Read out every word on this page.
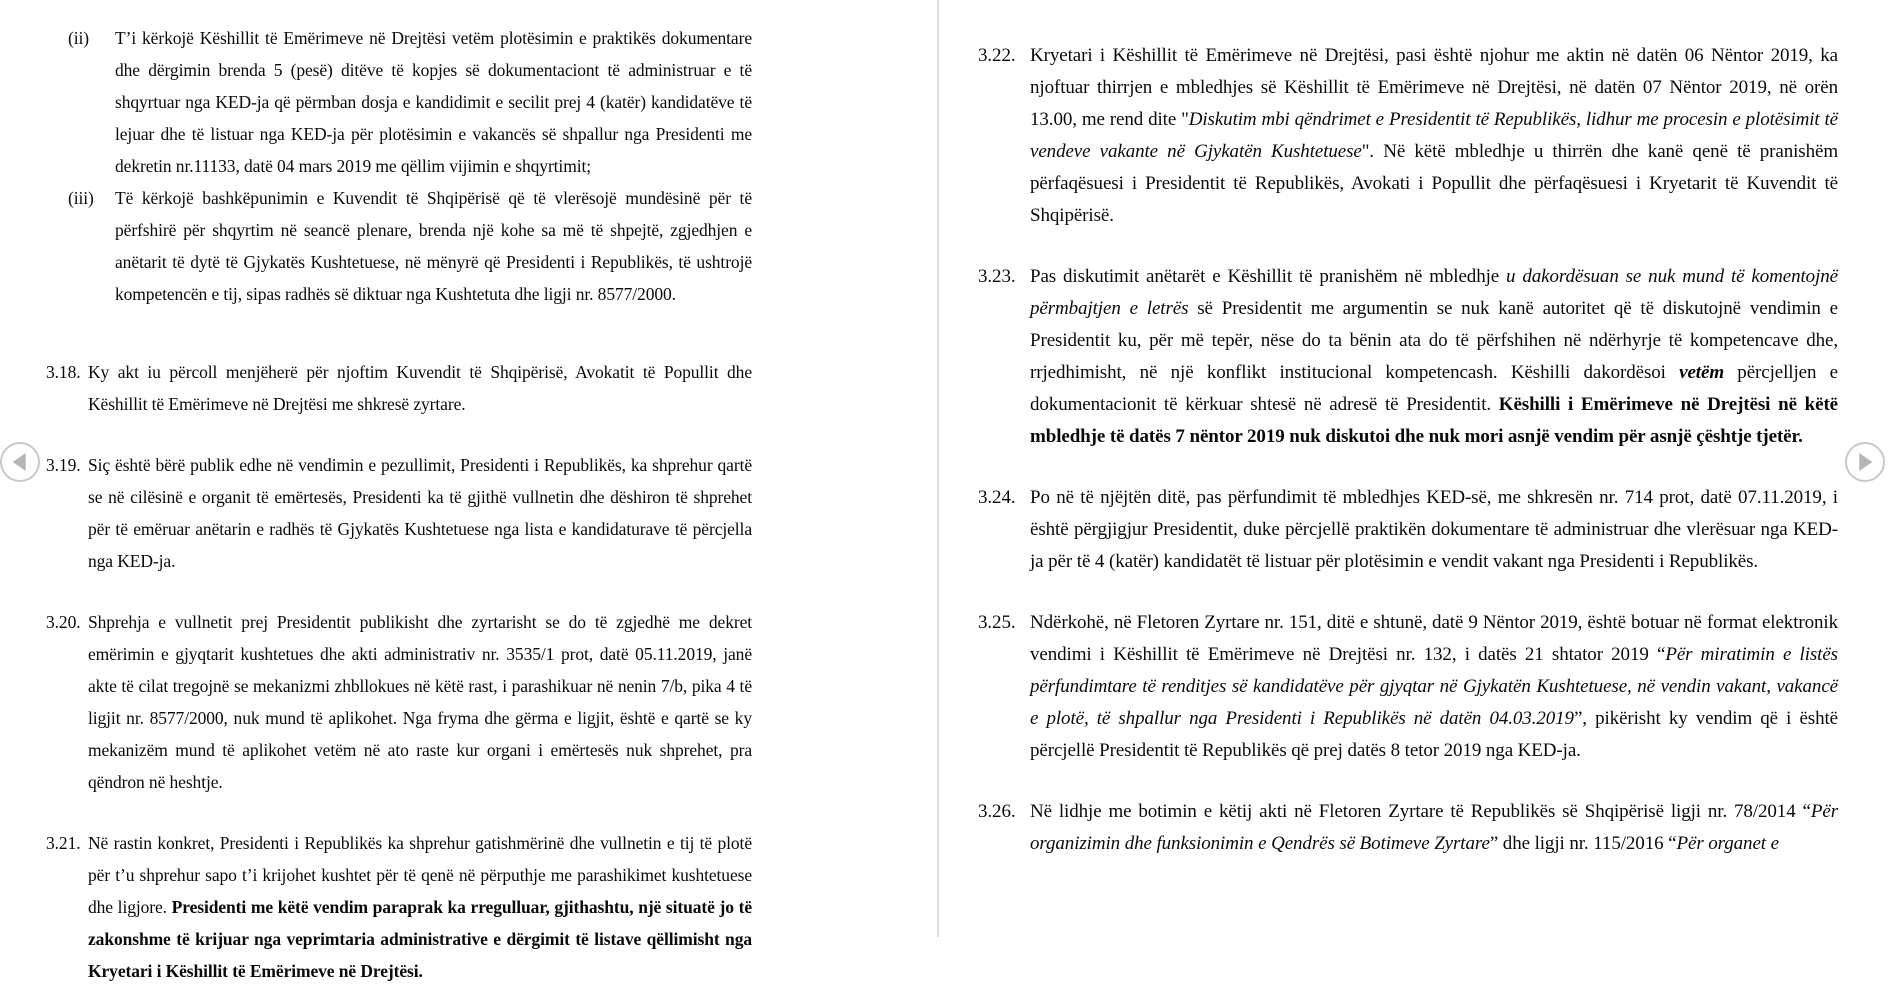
(ii) T’i kërkojë Këshillit të Emërimeve në Drejtësi vetëm plotësimin e praktikës dokumentare dhe dërgimin brenda 5 (pesë) ditëve të kopjes së dokumentaciont të administruar e të shqyrtuar nga KED-ja që përmban dosja e kandidimit e secilit prej 4 (katër) kandidatëve të lejuar dhe të listuar nga KED-ja për plotësimin e vakancës së shpallur nga Presidenti me dekretin nr.11133, datë 04 mars 2019 me qëllim vijimin e shqyrtimit;
(iii) Të kërkojë bashkëpunimin e Kuvendit të Shqipërisë që të vlerësojë mundësinë për të përfshirë për shqyrtim në seancë plenare, brenda një kohe sa më të shpejtë, zgjedhjen e anëtarit të dytë të Gjykatës Kushtetuese, në mënyrë që Presidenti i Republikës, të ushtrojë kompetencën e tij, sipas radhës së diktuar nga Kushtetuta dhe ligji nr. 8577/2000.
3.18. Ky akt iu përcoll menjëherë për njoftim Kuvendit të Shqipërisë, Avokatit të Popullit dhe Këshillit të Emërimeve në Drejtësi me shkresë zyrtare.
3.19. Siç është bërë publik edhe në vendimin e pezullimit, Presidenti i Republikës, ka shprehur qartë se në cilësinë e organit të emërtesës, Presidenti ka të gjithë vullnetin dhe dëshiron të shprehet për të emëruar anëtarin e radhës të Gjykatës Kushtetuese nga lista e kandidaturave të përcjella nga KED-ja.
3.20. Shprehja e vullnetit prej Presidentit publikisht dhe zyrtarisht se do të zgjedhë me dekret emërimin e gjyqtarit kushtetues dhe akti administrativ nr. 3535/1 prot, datë 05.11.2019, janë akte të cilat tregojnë se mekanizmi zhbllokues në këtë rast, i parashikuar në nenin 7/b, pika 4 të ligjit nr. 8577/2000, nuk mund të aplikohet. Nga fryma dhe gërma e ligjit, është e qartë se ky mekanizëm mund të aplikohet vetëm në ato raste kur organi i emërtesës nuk shprehet, pra qëndron në heshtje.
3.21. Në rastin konkret, Presidenti i Republikës ka shprehur gatishmërinë dhe vullnetin e tij të plotë për t’u shprehur sapo t’i krijohet kushtet për të qenë në përputhje me parashikimet kushtetuese dhe ligjore. Presidenti me këtë vendim paraprak ka rregulluar, gjithashtu, një situatë jo të zakonshme të krijuar nga veprimtaria administrative e dërgimit të listave qëllimisht nga Kryetari i Këshillit të Emërimeve në Drejtësi.
3.22. Kryetari i Këshillit të Emërimeve në Drejtësi, pasi është njohur me aktin në datën 06 Nëntor 2019, ka njoftuar thirrjen e mbledhjes së Këshillit të Emërimeve në Drejtësi, në datën 07 Nëntor 2019, në orën 13.00, me rend dite "Diskutim mbi qëndrimet e Presidentit të Republikës, lidhur me procesin e plotësimit të vendeve vakante në Gjykatën Kushtetuese". Në këtë mbledhje u thirrën dhe kanë qenë të pranishëm përfaqësuesi i Presidentit të Republikës, Avokati i Popullit dhe përfaqësuesi i Kryetarit të Kuvendit të Shqipërisë.
3.23. Pas diskutimit anëtarët e Këshillit të pranishëm në mbledhje u dakordësuan se nuk mund të komentojnë përmbajtjen e letrës së Presidentit me argumentin se nuk kanë autoritet që të diskutojnë vendimin e Presidentit ku, për më tepër, nëse do ta bënin ata do të përfshihen në ndërhyrje të kompetencave dhe, rrjedhimisht, në një konflikt institucional kompetencash. Këshilli dakordësoi vetëm përcjelljen e dokumentacionit të kërkuar shtesë në adresë të Presidentit. Këshilli i Emërimeve në Drejtësi në këtë mbledhje të datës 7 nëntor 2019 nuk diskutoi dhe nuk mori asnjë vendim për asnjë çështje tjetër.
3.24. Po në të njëjtën ditë, pas përfundimit të mbledhjes KED-së, me shkresën nr. 714 prot, datë 07.11.2019, i është përgjigjur Presidentit, duke përcjellë praktikën dokumentare të administruar dhe vlerësuar nga KED-ja për të 4 (katër) kandidatët të listuar për plotësimin e vendit vakant nga Presidenti i Republikës.
3.25. Ndërkohë, në Fletoren Zyrtare nr. 151, ditë e shtunë, datë 9 Nëntor 2019, është botuar në format elektronik vendimi i Këshillit të Emërimeve në Drejtësi nr. 132, i datës 21 shtator 2019 “Për miratimin e listës përfundimtare të renditjes së kandidatëve për gjyqtar në Gjykatën Kushtetuese, në vendin vakant, vakancë e plotë, të shpallur nga Presidenti i Republikës në datën 04.03.2019”, pikërisht ky vendim që i është përcjellë Presidentit të Republikës që prej datës 8 tetor 2019 nga KED-ja.
3.26. Në lidhje me botimin e këtij akti në Fletoren Zyrtare të Republikës së Shqipërisë ligji nr. 78/2014 “Për organizimin dhe funksionimin e Qendrës së Botimeve Zyrtare” dhe ligji nr. 115/2016 “Për organet e
